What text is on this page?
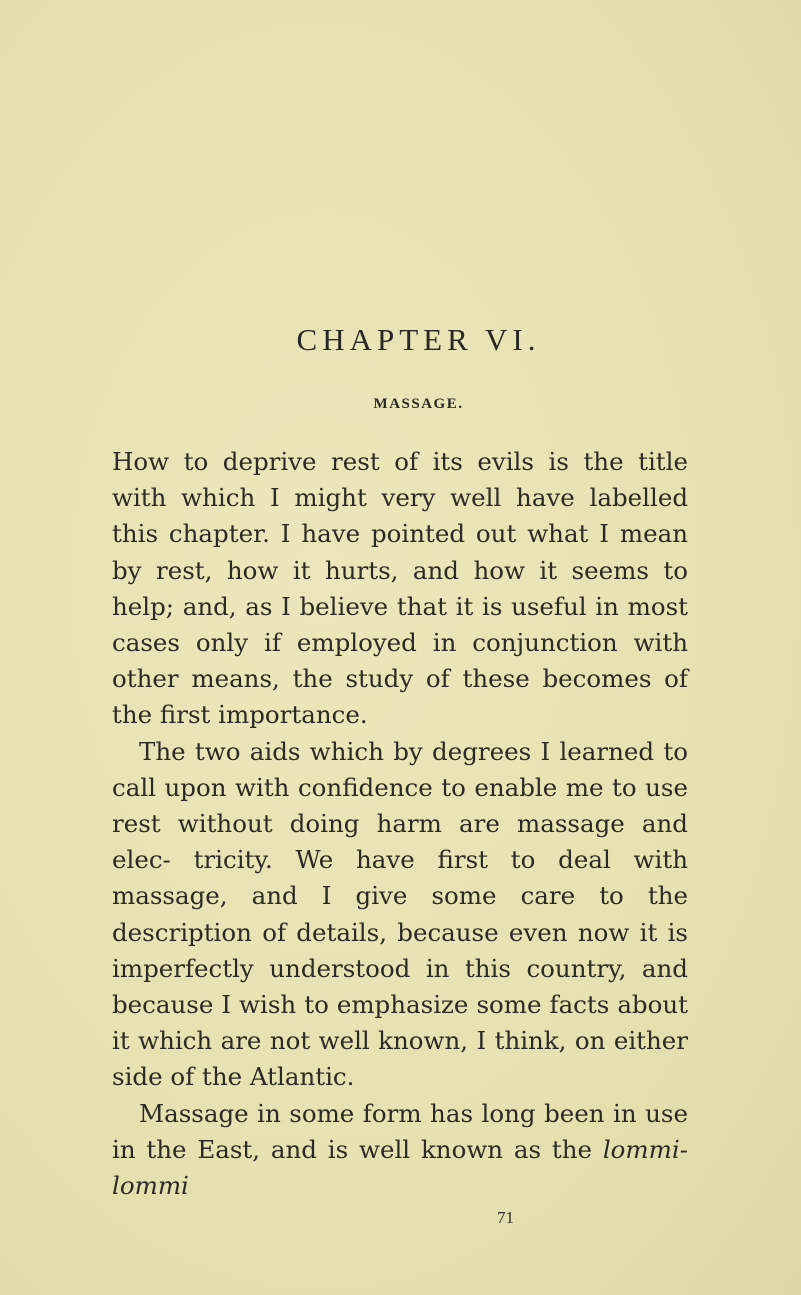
CHAPTER VI.
MASSAGE.

How to deprive rest of its evils is the title with which I might very well have labelled this chapter. I have pointed out what I mean by rest, how it hurts, and how it seems to help; and, as I believe that it is useful in most cases only if employed in conjunction with other means, the study of these becomes of the first importance.

The two aids which by degrees I learned to call upon with confidence to enable me to use rest without doing harm are massage and elec- tricity. We have first to deal with massage, and I give some care to the description of details, because even now it is imperfectly understood in this country, and because I wish to emphasize some facts about it which are not well known, I think, on either side of the Atlantic.

Massage in some form has long been in use in the East, and is well known as the lommi-lommi

71
